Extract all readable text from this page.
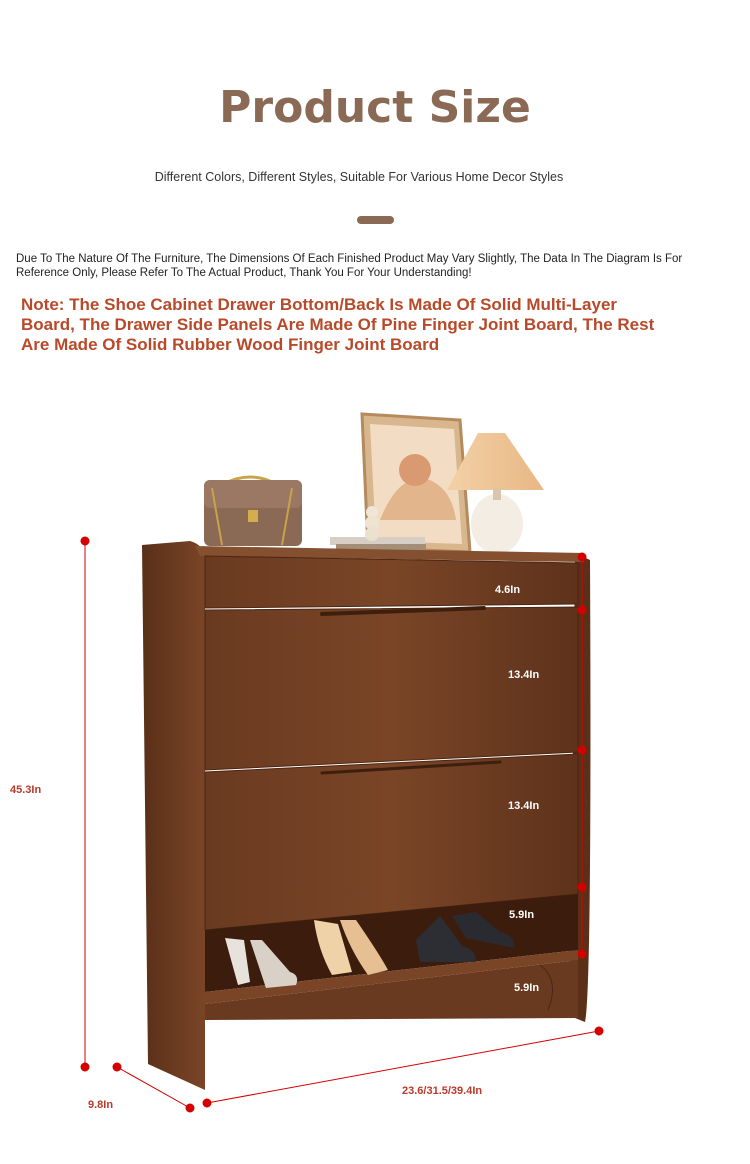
Product Size
Different Colors, Different Styles, Suitable For Various Home Decor Styles
Due To The Nature Of The Furniture, The Dimensions Of Each Finished Product May Vary Slightly, The Data In The Diagram Is For Reference Only, Please Refer To The Actual Product, Thank You For Your Understanding!
Note: The Shoe Cabinet Drawer Bottom/Back Is Made Of Solid Multi-Layer Board, The Drawer Side Panels Are Made Of Pine Finger Joint Board, The Rest Are Made Of Solid Rubber Wood Finger Joint Board
45.3In
4.6In
13.4In
13.4In
5.9In
5.9In
9.8In
23.6/31.5/39.4In
